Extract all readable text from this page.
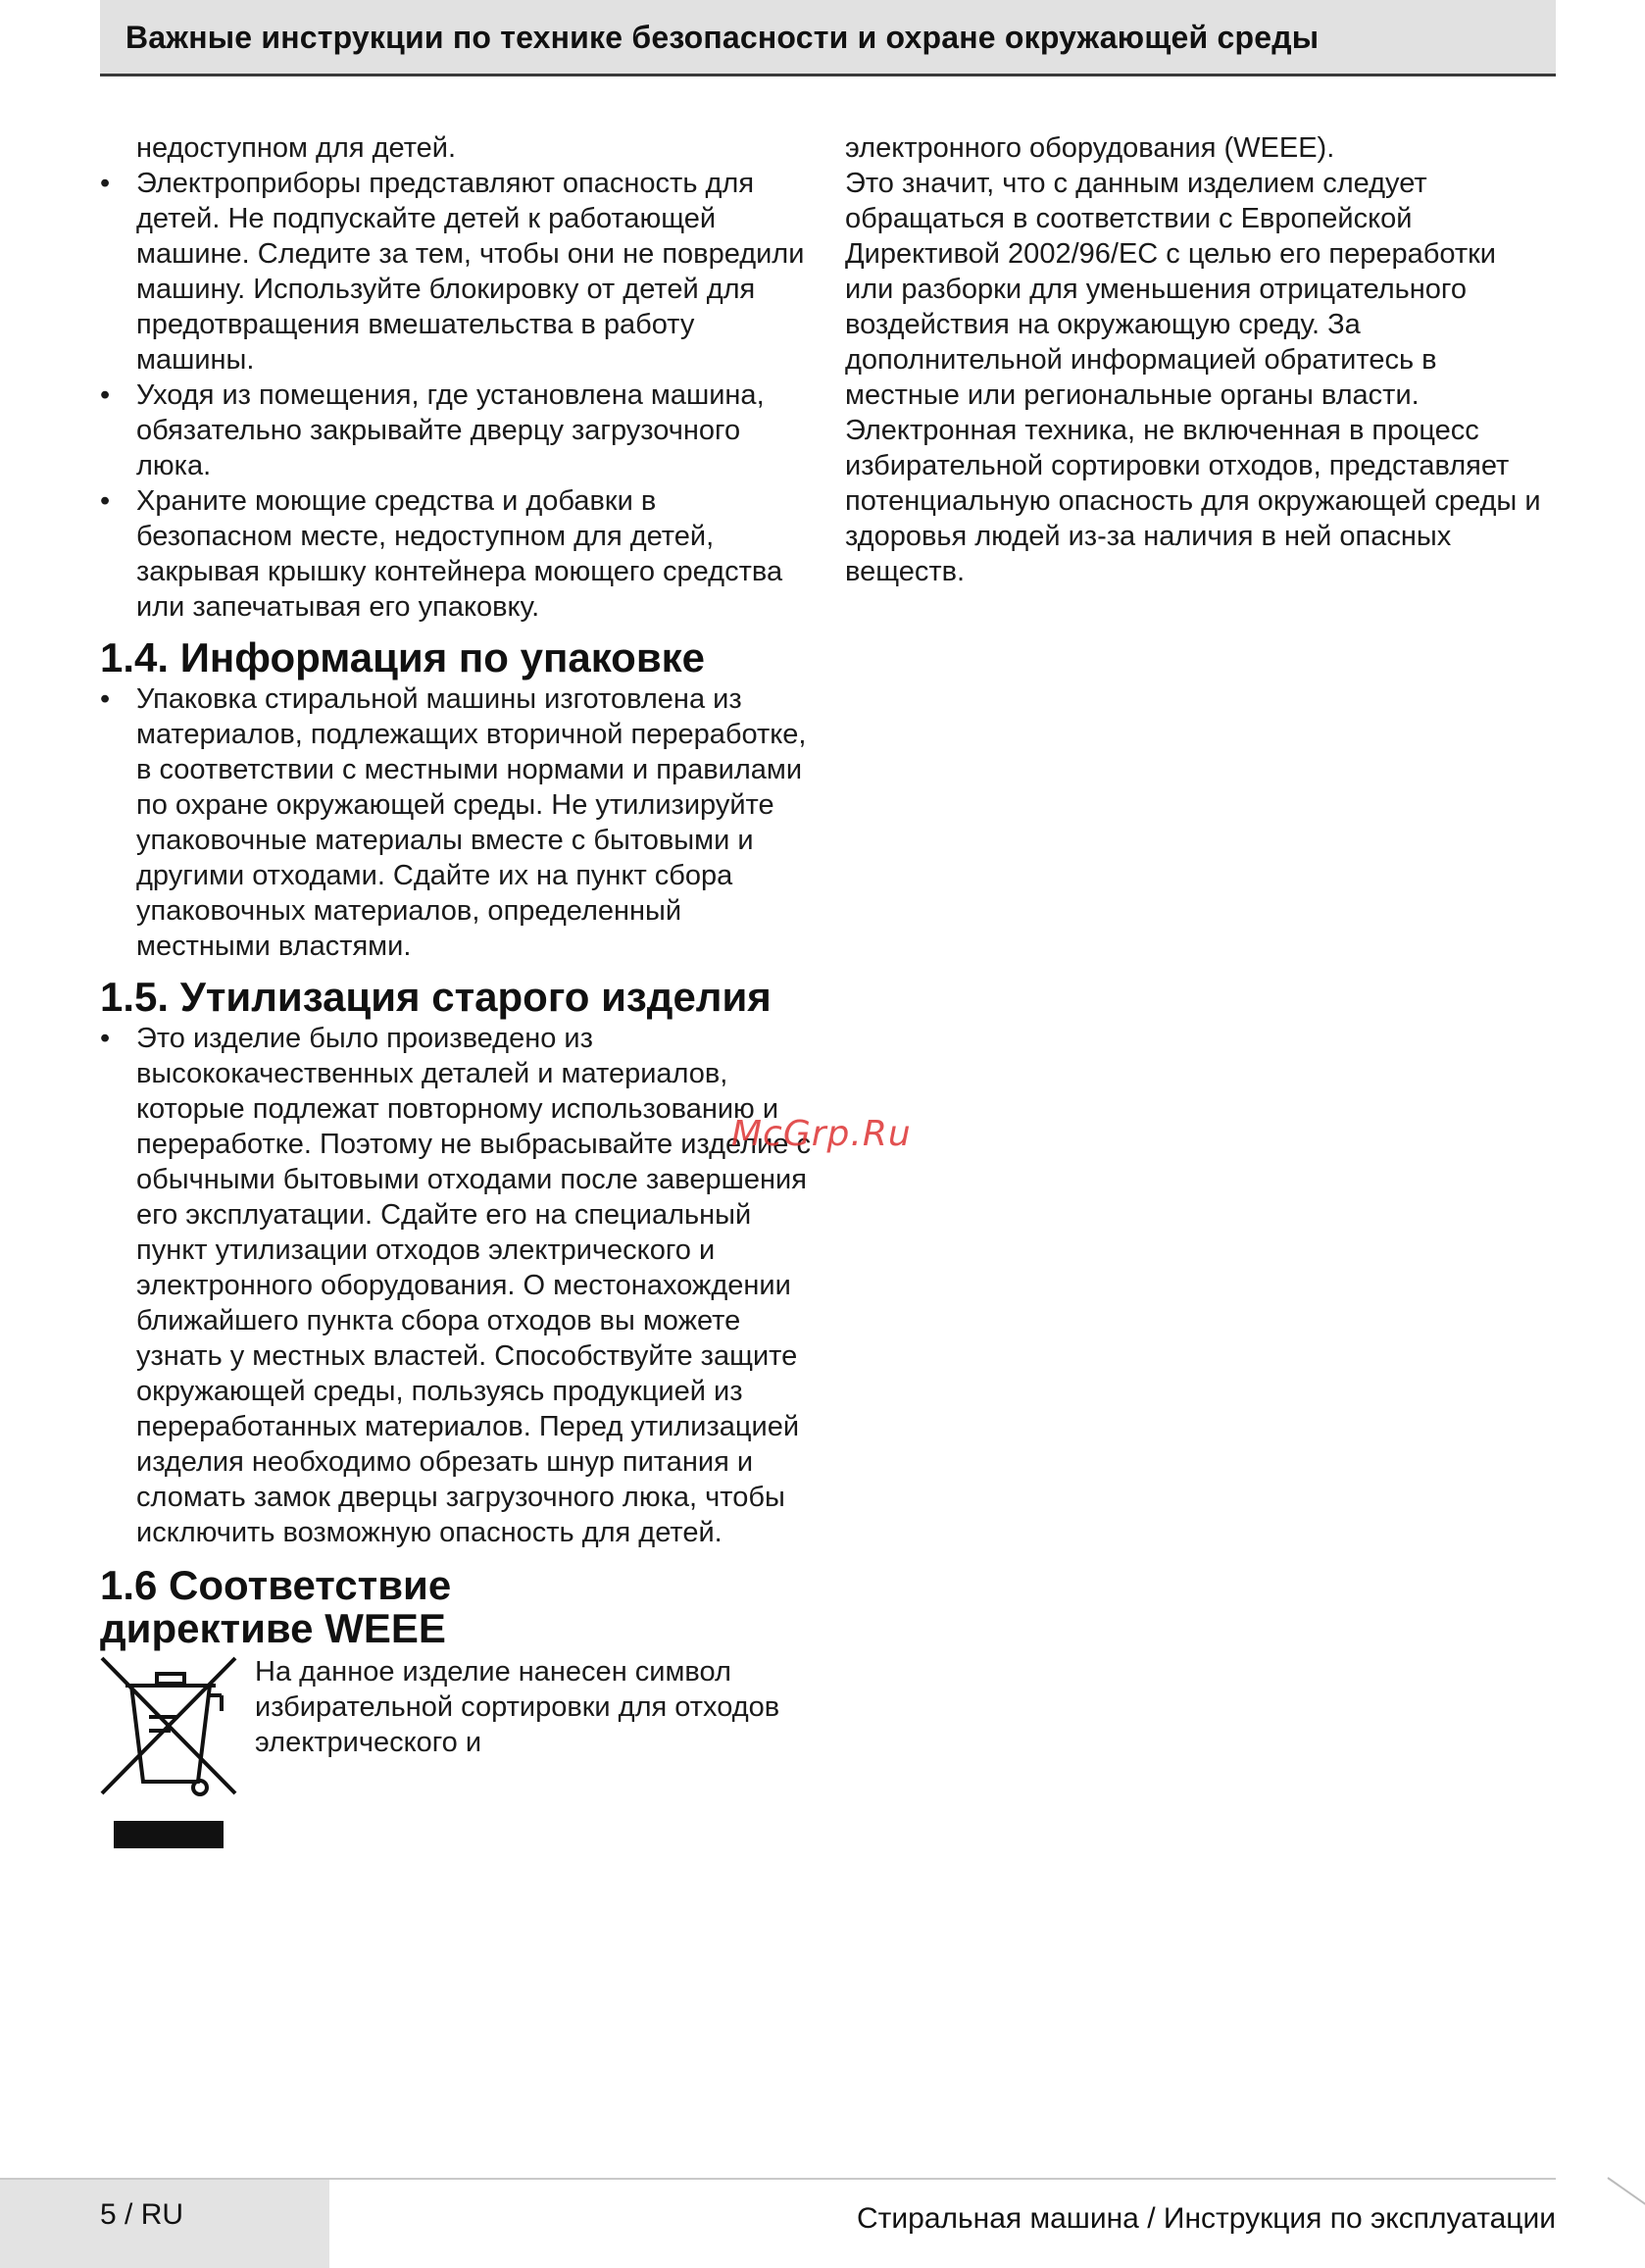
Важные инструкции по технике безопасности и охране окружающей среды

недоступном для детей.

• Электроприборы представляют опасность для детей. Не подпускайте детей к работающей машине. Следите за тем, чтобы они не повредили машину. Используйте блокировку от детей для предотвращения вмешательства в работу машины.

• Уходя из помещения, где установлена машина, обязательно закрывайте дверцу загрузочного люка.

• Храните моющие средства и добавки в безопасном месте, недоступном для детей, закрывая крышку контейнера моющего средства или запечатывая его упаковку.

1.4. Информация по упаковке

• Упаковка стиральной машины изготовлена из материалов, подлежащих вторичной переработке, в соответствии с местными нормами и правилами по охране окружающей среды. Не утилизируйте упаковочные материалы вместе с бытовыми и другими отходами. Сдайте их на пункт сбора упаковочных материалов, определенный местными властями.

1.5. Утилизация старого изделия

• Это изделие было произведено из высококачественных деталей и материалов, которые подлежат повторному использованию и переработке. Поэтому не выбрасывайте изделие с обычными бытовыми отходами после завершения его эксплуатации. Сдайте его на специальный пункт утилизации отходов электрического и электронного оборудования. О местонахождении ближайшего пункта сбора отходов вы можете узнать у местных властей. Способствуйте защите окружающей среды, пользуясь продукцией из переработанных материалов. Перед утилизацией изделия необходимо обрезать шнур питания и сломать замок дверцы загрузочного люка, чтобы исключить возможную опасность для детей.

1.6 Соответствие
директиве WEEE

На данное изделие нанесен символ избирательной сортировки для отходов электрического и

электронного оборудования (WEEE).

Это значит, что с данным изделием следует обращаться в соответствии с Европейской Директивой 2002/96/EC с целью его переработки или разборки для уменьшения отрицательного воздействия на окружающую среду. За дополнительной информацией обратитесь в местные или региональные органы власти.

Электронная техника, не включенная в процесс избирательной сортировки отходов, представляет потенциальную опасность для окружающей среды и здоровья людей из-за наличия в ней опасных веществ.

McGrp.Ru
5 / RU	Стиральная машина / Инструкция по эксплуатации
